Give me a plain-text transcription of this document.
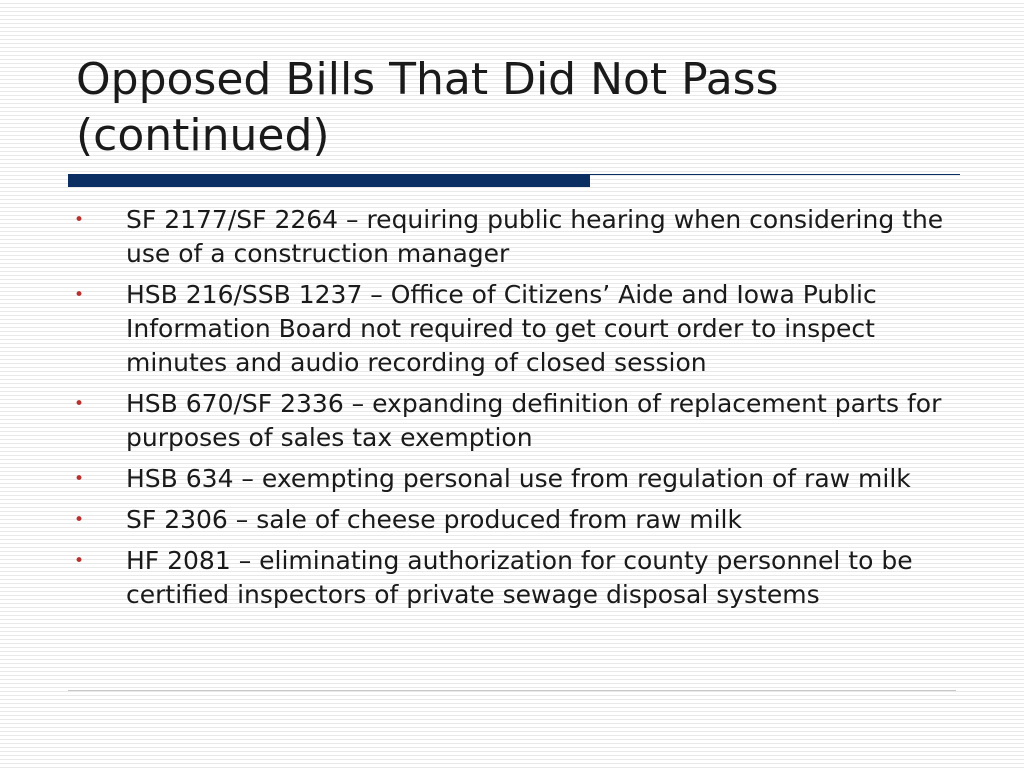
Opposed Bills That Did Not Pass
(continued)
• SF 2177/SF 2264 – requiring public hearing when considering the use of a construction manager
• HSB 216/SSB 1237 – Office of Citizens’ Aide and Iowa Public Information Board not required to get court order to inspect minutes and audio recording of closed session
• HSB 670/SF 2336 – expanding definition of replacement parts for purposes of sales tax exemption
• HSB 634 – exempting personal use from regulation of raw milk
• SF 2306 – sale of cheese produced from raw milk
• HF 2081 – eliminating authorization for county personnel to be certified inspectors of private sewage disposal systems
